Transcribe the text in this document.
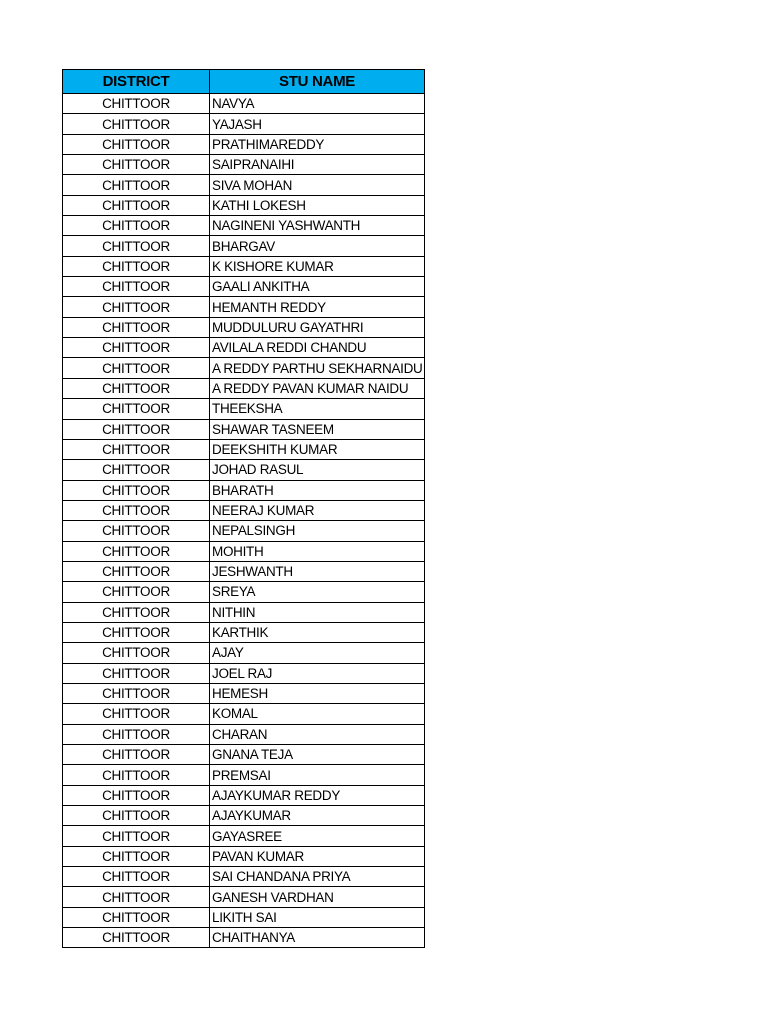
DISTRICT	STU NAME
CHITTOOR	NAVYA
CHITTOOR	YAJASH
CHITTOOR	PRATHIMAREDDY
CHITTOOR	SAIPRANAIHI
CHITTOOR	SIVA MOHAN
CHITTOOR	KATHI LOKESH
CHITTOOR	NAGINENI YASHWANTH
CHITTOOR	BHARGAV
CHITTOOR	K KISHORE KUMAR
CHITTOOR	GAALI ANKITHA
CHITTOOR	HEMANTH REDDY
CHITTOOR	MUDDULURU GAYATHRI
CHITTOOR	AVILALA REDDI CHANDU
CHITTOOR	A REDDY PARTHU SEKHARNAIDU
CHITTOOR	A REDDY PAVAN KUMAR NAIDU
CHITTOOR	THEEKSHA
CHITTOOR	SHAWAR TASNEEM
CHITTOOR	DEEKSHITH KUMAR
CHITTOOR	JOHAD RASUL
CHITTOOR	BHARATH
CHITTOOR	NEERAJ KUMAR
CHITTOOR	NEPALSINGH
CHITTOOR	MOHITH
CHITTOOR	JESHWANTH
CHITTOOR	SREYA
CHITTOOR	NITHIN
CHITTOOR	KARTHIK
CHITTOOR	AJAY
CHITTOOR	JOEL RAJ
CHITTOOR	HEMESH
CHITTOOR	KOMAL
CHITTOOR	CHARAN
CHITTOOR	GNANA TEJA
CHITTOOR	PREMSAI
CHITTOOR	AJAYKUMAR REDDY
CHITTOOR	AJAYKUMAR
CHITTOOR	GAYASREE
CHITTOOR	PAVAN KUMAR
CHITTOOR	SAI CHANDANA PRIYA
CHITTOOR	GANESH VARDHAN
CHITTOOR	LIKITH SAI
CHITTOOR	CHAITHANYA
